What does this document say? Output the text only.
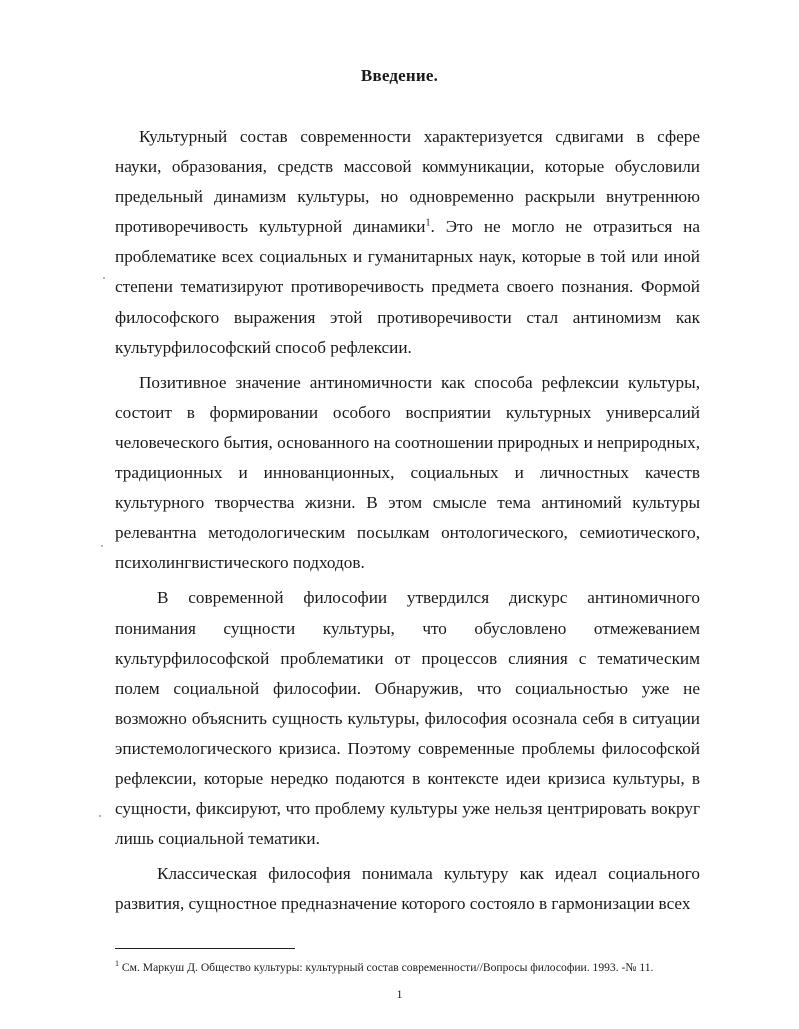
Введение.

Культурный состав современности характеризуется сдвигами в сфере науки, образования, средств массовой коммуникации, которые обусловили предельный динамизм культуры, но одновременно раскрыли внутреннюю противоречивость культурной динамики$^1$. Это не могло не отразиться на проблематике всех социальных и гуманитарных наук, которые в той или иной степени тематизируют противоречивость предмета своего познания. Формой философского выражения этой противоречивости стал антиномизм как культурфилософский способ рефлексии.

Позитивное значение антиномичности как способа рефлексии культуры, состоит в формировании особого восприятии культурных универсалий человеческого бытия, основанного на соотношении природных и неприродных, традиционных и иннованционных, социальных и личностных качеств культурного творчества жизни. В этом смысле тема антиномий культуры релевантна методологическим посылкам онтологического, семиотического, психолингвистического подходов.

В современной философии утвердился дискурс антиномичного понимания сущности культуры, что обусловлено отмежеванием культурфилософской проблематики от процессов слияния с тематическим полем социальной философии. Обнаружив, что социальностью уже не возможно объяснить сущность культуры, философия осознала себя в ситуации эпистемологического кризиса. Поэтому современные проблемы философской рефлексии, которые нередко подаются в контексте идеи кризиса культуры, в сущности, фиксируют, что проблему культуры уже нельзя центрировать вокруг лишь социальной тематики.

Классическая философия понимала культуру как идеал социального развития, сущностное предназначение которого состояло в гармонизации всех

$^1$ См. Маркуш Д. Общество культуры: культурный состав современности//Вопросы философии. 1993. -№ 11.
1
